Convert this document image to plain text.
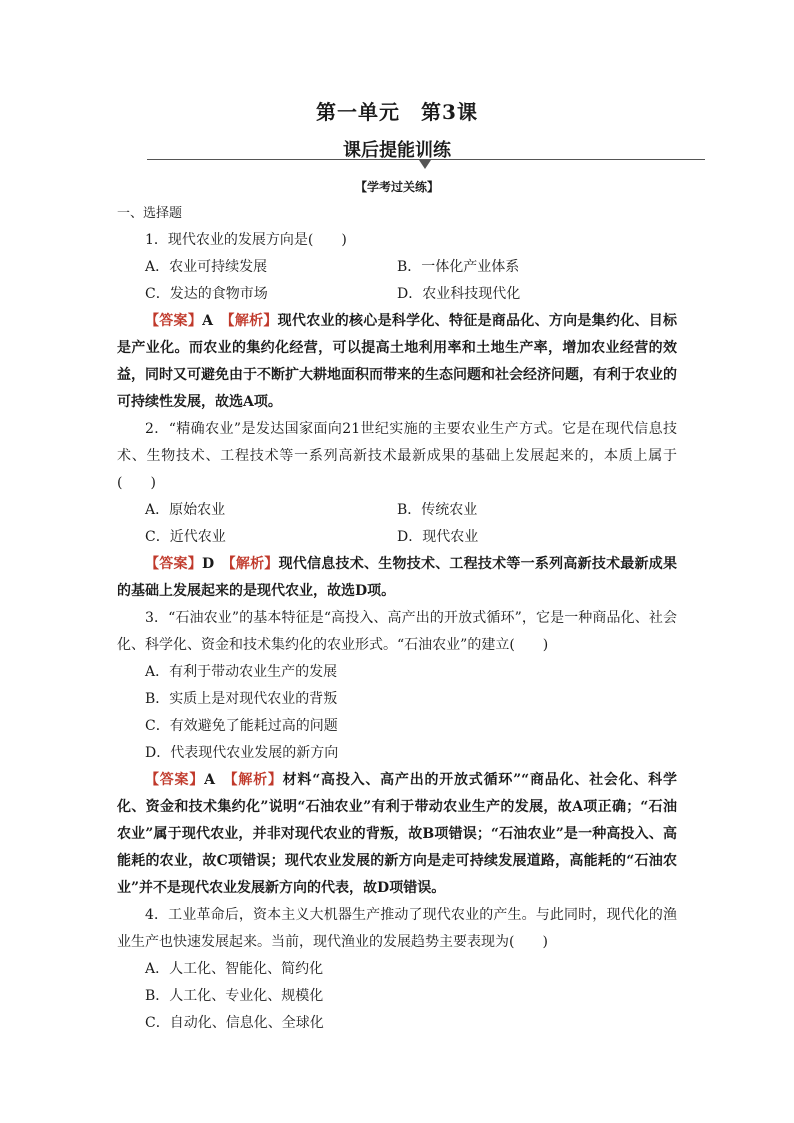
第一单元　第3课
课后提能训练
【学考过关练】
一、选择题
1．现代农业的发展方向是(　　)
A．农业可持续发展	B．一体化产业体系
C．发达的食物市场	D．农业科技现代化
【答案】A　 【解析】现代农业的核心是科学化、特征是商品化、方向是集约化、目标是产业化。而农业的集约化经营，可以提高土地利用率和土地生产率，增加农业经营的效益，同时又可避免由于不断扩大耕地面积而带来的生态问题和社会经济问题，有利于农业的可持续性发展，故选A项。
2．“精确农业”是发达国家面向21世纪实施的主要农业生产方式。它是在现代信息技术、生物技术、工程技术等一系列高新技术最新成果的基础上发展起来的，本质上属于(　　)
A．原始农业	B．传统农业
C．近代农业	D．现代农业
【答案】D　 【解析】现代信息技术、生物技术、工程技术等一系列高新技术最新成果的基础上发展起来的是现代农业，故选D项。
3．“石油农业”的基本特征是“高投入、高产出的开放式循环”，它是一种商品化、社会化、科学化、资金和技术集约化的农业形式。“石油农业”的建立(　　)
A．有利于带动农业生产的发展
B．实质上是对现代农业的背叛
C．有效避免了能耗过高的问题
D．代表现代农业发展的新方向
【答案】A　 【解析】材料“高投入、高产出的开放式循环”“商品化、社会化、科学化、资金和技术集约化”说明“石油农业”有利于带动农业生产的发展，故A项正确；“石油农业”属于现代农业，并非对现代农业的背叛，故B项错误；“石油农业”是一种高投入、高能耗的农业，故C项错误；现代农业发展的新方向是走可持续发展道路，高能耗的“石油农业”并不是现代农业发展新方向的代表，故D项错误。
4．工业革命后，资本主义大机器生产推动了现代农业的产生。与此同时，现代化的渔业生产也快速发展起来。当前，现代渔业的发展趋势主要表现为(　　)
A．人工化、智能化、简约化
B．人工化、专业化、规模化
C．自动化、信息化、全球化
